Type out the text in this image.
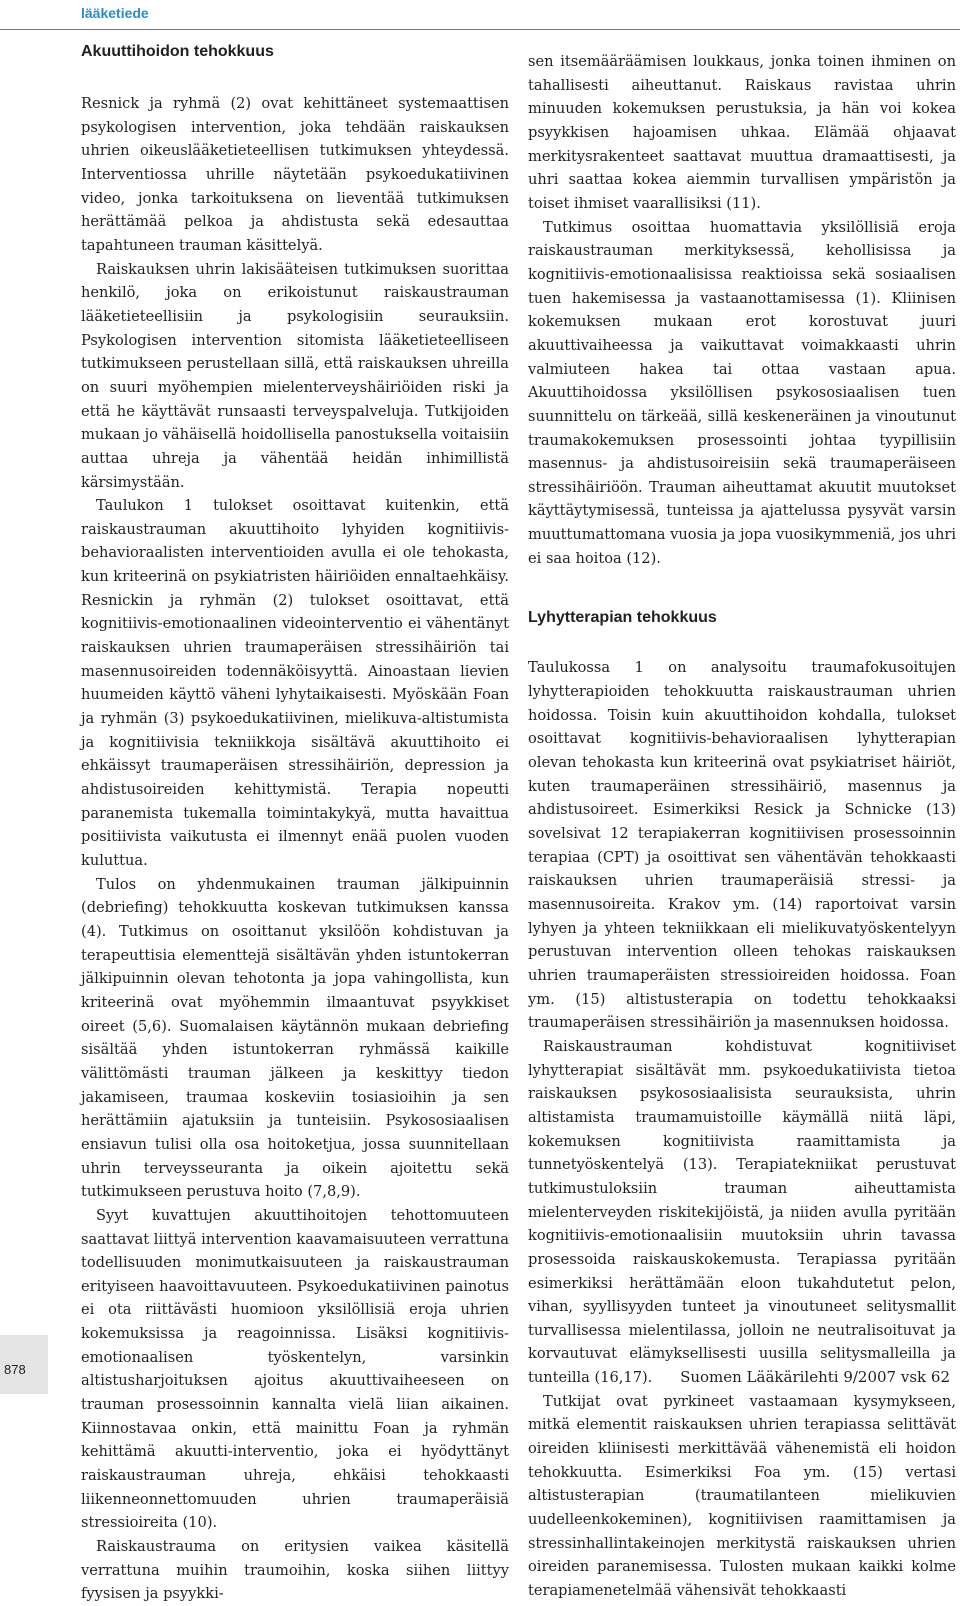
lääketiede
Akuuttihoidon tehokkuus

Resnick ja ryhmä (2) ovat kehittäneet systemaattisen psykologisen intervention, joka tehdään raiskauksen uhrien oikeuslääketieteellisen tutkimuksen yhteydessä. Interventiossa uhrille näytetään psykoedukatiivinen video, jonka tarkoituksena on lieventää tutkimuksen herättämää pelkoa ja ahdistusta sekä edesauttaa tapahtuneen trauman käsittelyä.

Raiskauksen uhrin lakisääteisen tutkimuksen suorittaa henkilö, joka on erikoistunut raiskaustrauman lääketieteellisiin ja psykologisiin seurauksiin. Psykologisen intervention sitomista lääketieteelliseen tutkimukseen perustellaan sillä, että raiskauksen uhreilla on suuri myöhempien mielenterveyshäiriöiden riski ja että he käyttävät runsaasti terveyspalveluja. Tutkijoiden mukaan jo vähäisellä hoidollisella panostuksella voitaisiin auttaa uhreja ja vähentää heidän inhimillistä kärsimystään.

Taulukon 1 tulokset osoittavat kuitenkin, että raiskaustrauman akuuttihoito lyhyiden kognitiivis-behavioraalisten interventioiden avulla ei ole tehokasta, kun kriteerinä on psykiatristen häiriöiden ennaltaehkäisy. Resnickin ja ryhmän (2) tulokset osoittavat, että kognitiivis-emotionaalinen videointerventio ei vähentänyt raiskauksen uhrien traumaperäisen stressihäiriön tai masennusoireiden todennäköisyyttä. Ainoastaan lievien huumeiden käyttö väheni lyhytaikaisesti. Myöskään Foan ja ryhmän (3) psykoedukatiivinen, mielikuva-altistumista ja kognitiivisia tekniikkoja sisältävä akuuttihoito ei ehkäissyt traumaperäisen stressihäiriön, depression ja ahdistusoireiden kehittymistä. Terapia nopeutti paranemista tukemalla toimintakykyä, mutta havaittua positiivista vaikutusta ei ilmennyt enää puolen vuoden kuluttua.

Tulos on yhdenmukainen trauman jälkipuinnin (debriefing) tehokkuutta koskevan tutkimuksen kanssa (4). Tutkimus on osoittanut yksilöön kohdistuvan ja terapeuttisia elementtejä sisältävän yhden istuntokerran jälkipuinnin olevan tehotonta ja jopa vahingollista, kun kriteerinä ovat myöhemmin ilmaantuvat psyykkiset oireet (5,6). Suomalaisen käytännön mukaan debriefing sisältää yhden istuntokerran ryhmässä kaikille välittömästi trauman jälkeen ja keskittyy tiedon jakamiseen, traumaa koskeviin tosiasioihin ja sen herättämiin ajatuksiin ja tunteisiin. Psykososiaalisen ensiavun tulisi olla osa hoitoketjua, jossa suunnitellaan uhrin terveysseuranta ja oikein ajoitettu sekä tutkimukseen perustuva hoito (7,8,9).

Syyt kuvattujen akuuttihoitojen tehottomuuteen saattavat liittyä intervention kaavamaisuuteen verrattuna todellisuuden monimutkaisuuteen ja raiskaustrauman erityiseen haavoittavuuteen. Psykoedukatiivinen painotus ei ota riittävästi huomioon yksilöllisiä eroja uhrien kokemuksissa ja reagoinnissa. Lisäksi kognitiivis-emotionaalisen työskentelyn, varsinkin altistusharjoituksen ajoitus akuuttivaiheeseen on trauman prosessoinnin kannalta vielä liian aikainen. Kiinnostavaa onkin, että mainittu Foan ja ryhmän kehittämä akuutti-interventio, joka ei hyödyttänyt raiskaustrauman uhreja, ehkäisi tehokkaasti liikenneonnettomuuden uhrien traumaperäisiä stressioireita (10).

Raiskaustrauma on eritysien vaikea käsitellä verrattuna muihin traumoihin, koska siihen liittyy fyysisen ja psyykki-

sen itsemääräämisen loukkaus, jonka toinen ihminen on tahallisesti aiheuttanut. Raiskaus ravistaa uhrin minuuden kokemuksen perustuksia, ja hän voi kokea psyykkisen hajoamisen uhkaa. Elämää ohjaavat merkitysrakenteet saattavat muuttua dramaattisesti, ja uhri saattaa kokea aiemmin turvallisen ympäristön ja toiset ihmiset vaarallisiksi (11).

Tutkimus osoittaa huomattavia yksilöllisiä eroja raiskaustrauman merkityksessä, kehollisissa ja kognitiivis-emotionaalisissa reaktioissa sekä sosiaalisen tuen hakemisessa ja vastaanottamisessa (1). Kliinisen kokemuksen mukaan erot korostuvat juuri akuuttivaiheessa ja vaikuttavat voimakkaasti uhrin valmiuteen hakea tai ottaa vastaan apua. Akuuttihoidossa yksilöllisen psykososiaalisen tuen suunnittelu on tärkeää, sillä keskeneräinen ja vinoutunut traumakokemuksen prosessointi johtaa tyypillisiin masennus- ja ahdistusoireisiin sekä traumaperäiseen stressihäiriöön. Trauman aiheuttamat akuutit muutokset käyttäytymisessä, tunteissa ja ajattelussa pysyvät varsin muuttumattomana vuosia ja jopa vuosikymmeniä, jos uhri ei saa hoitoa (12).

Lyhytterapian tehokkuus

Taulukossa 1 on analysoitu traumafokusoitujen lyhytterapioiden tehokkuutta raiskaustrauman uhrien hoidossa. Toisin kuin akuuttihoidon kohdalla, tulokset osoittavat kognitiivis-behavioraalisen lyhytterapian olevan tehokasta kun kriteerinä ovat psykiatriset häiriöt, kuten traumaperäinen stressihäiriö, masennus ja ahdistusoireet. Esimerkiksi Resick ja Schnicke (13) sovelsivat 12 terapiakerran kognitiivisen prosessoinnin terapiaa (CPT) ja osoittivat sen vähentävän tehokkaasti raiskauksen uhrien traumaperäisiä stressi- ja masennusoireita. Krakov ym. (14) raportoivat varsin lyhyen ja yhteen tekniikkaan eli mielikuvatyöskentelyyn perustuvan intervention olleen tehokas raiskauksen uhrien traumaperäisten stressioireiden hoidossa. Foan ym. (15) altistusterapia on todettu tehokkaaksi traumaperäisen stressihäiriön ja masennuksen hoidossa.

Raiskaustrauman kohdistuvat kognitiiviset lyhytterapiat sisältävät mm. psykoedukatiivista tietoa raiskauksen psykososiaalisista seurauksista, uhrin altistamista traumamuistoille käymällä niitä läpi, kokemuksen kognitiivista raamittamista ja tunnetyöskentelyä (13). Terapiatekniikat perustuvat tutkimustuloksiin trauman aiheuttamista mielenterveyden riskitekijöistä, ja niiden avulla pyritään kognitiivis-emotionaalisiin muutoksiin uhrin tavassa prosessoida raiskauskokemusta. Terapiassa pyritään esimerkiksi herättämään eloon tukahdutetut pelon, vihan, syyllisyyden tunteet ja vinoutuneet selitysmallit turvallisessa mielentilassa, jolloin ne neutralisoituvat ja korvautuvat elämyksellisesti uusilla selitysmalleilla ja tunteilla (16,17).

Tutkijat ovat pyrkineet vastaamaan kysymykseen, mitkä elementit raiskauksen uhrien terapiassa selittävät oireiden kliinisesti merkittävää vähenemistä eli hoidon tehokkuutta. Esimerkiksi Foa ym. (15) vertasi altistusterapian (traumatilanteen mielikuvien uudelleenkokeminen), kognitiivisen raamittamisen ja stressinhallintakeinojen merkitystä raiskauksen uhrien oireiden paranemisessa. Tulosten mukaan kaikki kolme terapiamenetelmää vähensivät tehokkaasti

878	Suomen Lääkärilehti 9/2007 vsk 62
